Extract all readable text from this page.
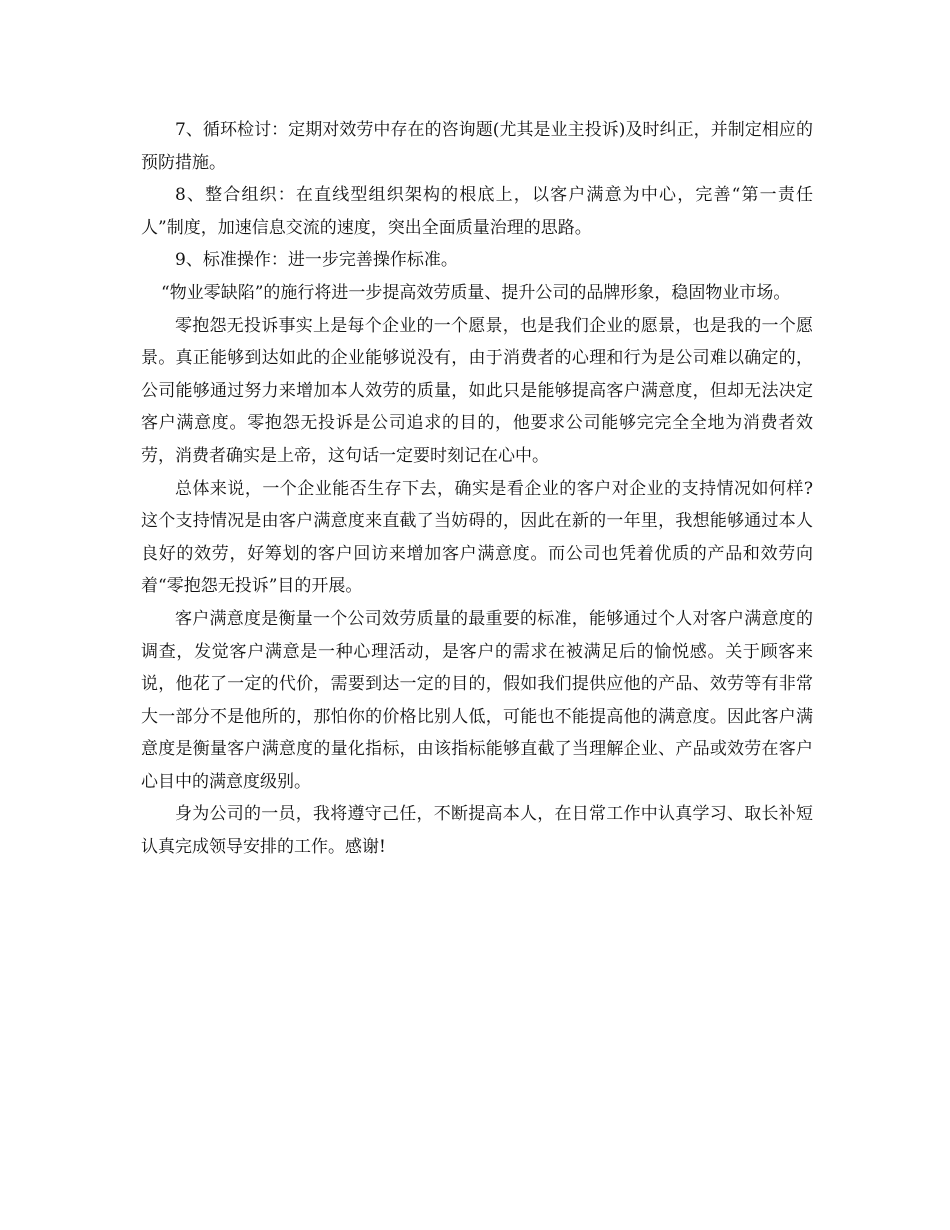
7、循环检讨：定期对效劳中存在的咨询题(尤其是业主投诉)及时纠正，并制定相应的预防措施。

8、整合组织：在直线型组织架构的根底上，以客户满意为中心，完善“第一责任人”制度，加速信息交流的速度，突出全面质量治理的思路。

9、标准操作：进一步完善操作标准。

“物业零缺陷”的施行将进一步提高效劳质量、提升公司的品牌形象，稳固物业市场。

零抱怨无投诉事实上是每个企业的一个愿景，也是我们企业的愿景，也是我的一个愿景。真正能够到达如此的企业能够说没有，由于消费者的心理和行为是公司难以确定的，公司能够通过努力来增加本人效劳的质量，如此只是能够提高客户满意度，但却无法决定客户满意度。零抱怨无投诉是公司追求的目的，他要求公司能够完完全全地为消费者效劳，消费者确实是上帝，这句话一定要时刻记在心中。

总体来说，一个企业能否生存下去，确实是看企业的客户对企业的支持情况如何样?这个支持情况是由客户满意度来直截了当妨碍的，因此在新的一年里，我想能够通过本人良好的效劳，好筹划的客户回访来增加客户满意度。而公司也凭着优质的产品和效劳向着“零抱怨无投诉”目的开展。

客户满意度是衡量一个公司效劳质量的最重要的标准，能够通过个人对客户满意度的调查，发觉客户满意是一种心理活动，是客户的需求在被满足后的愉悦感。关于顾客来说，他花了一定的代价，需要到达一定的目的，假如我们提供应他的产品、效劳等有非常大一部分不是他所的，那怕你的价格比别人低，可能也不能提高他的满意度。因此客户满意度是衡量客户满意度的量化指标，由该指标能够直截了当理解企业、产品或效劳在客户心目中的满意度级别。

身为公司的一员，我将遵守己任，不断提高本人，在日常工作中认真学习、取长补短认真完成领导安排的工作。感谢!
